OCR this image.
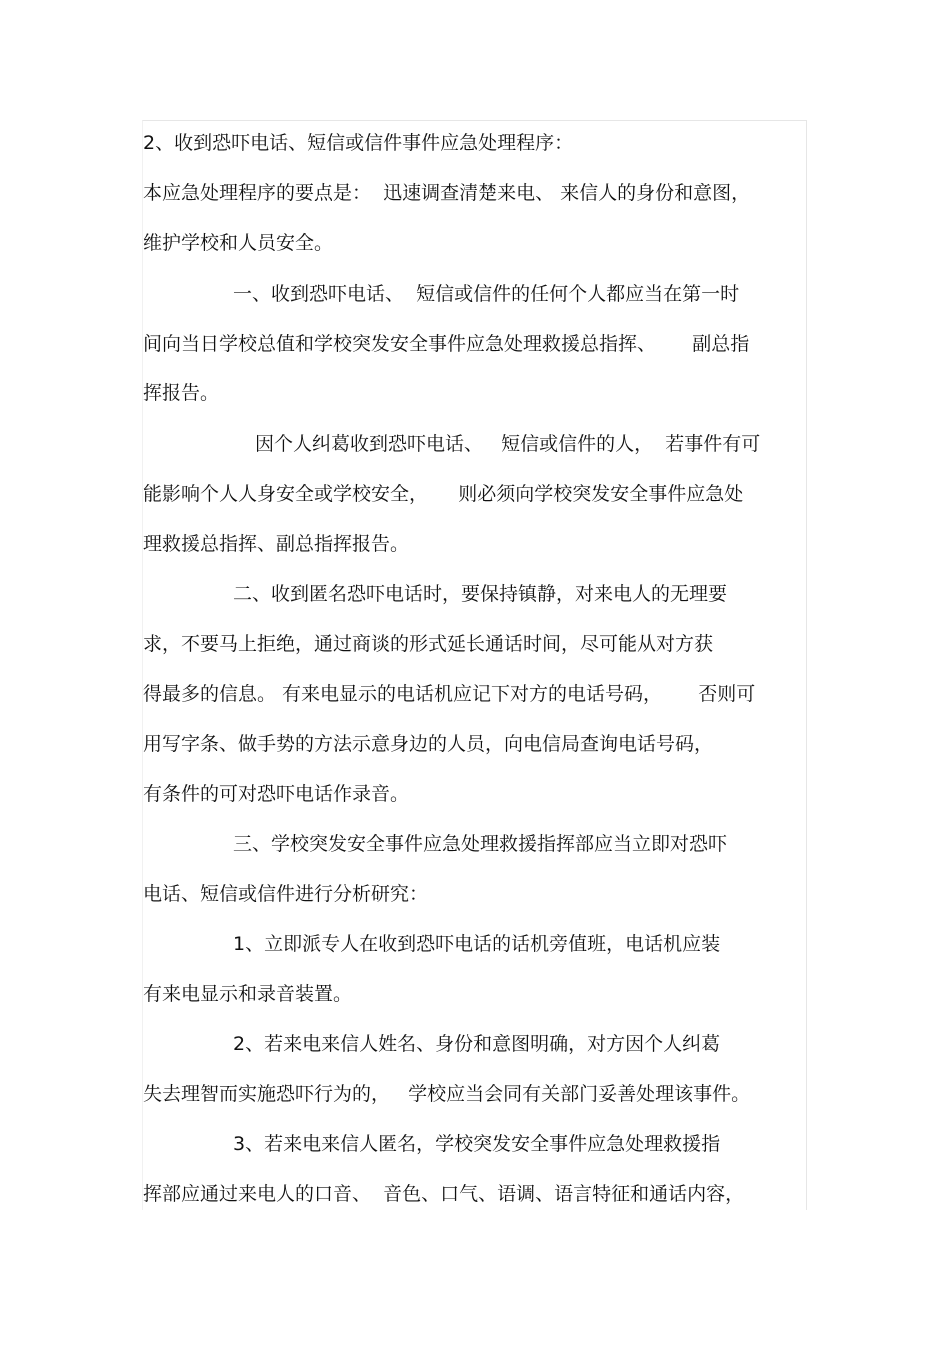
2、收到恐吓电话、短信或信件事件应急处理程序：
本应急处理程序的要点是：  迅速调查清楚来电、 来信人的身份和意图，
维护学校和人员安全。
一、收到恐吓电话、  短信或信件的任何个人都应当在第一时
间向当日学校总值和学校突发安全事件应急处理救援总指挥、      副总指
挥报告。
因个人纠葛收到恐吓电话、   短信或信件的人，  若事件有可
能影响个人人身安全或学校安全，     则必须向学校突发安全事件应急处
理救援总指挥、副总指挥报告。
二、收到匿名恐吓电话时，要保持镇静，对来电人的无理要
求，不要马上拒绝，通过商谈的形式延长通话时间，尽可能从对方获
得最多的信息。 有来电显示的电话机应记下对方的电话号码，      否则可
用写字条、做手势的方法示意身边的人员，向电信局查询电话号码，
有条件的可对恐吓电话作录音。
三、学校突发安全事件应急处理救援指挥部应当立即对恐吓
电话、短信或信件进行分析研究：
1、立即派专人在收到恐吓电话的话机旁值班，电话机应装
有来电显示和录音装置。
2、若来电来信人姓名、身份和意图明确，对方因个人纠葛
失去理智而实施恐吓行为的，   学校应当会同有关部门妥善处理该事件。
3、若来电来信人匿名，学校突发安全事件应急处理救援指
挥部应通过来电人的口音、  音色、口气、语调、语言特征和通话内容，
